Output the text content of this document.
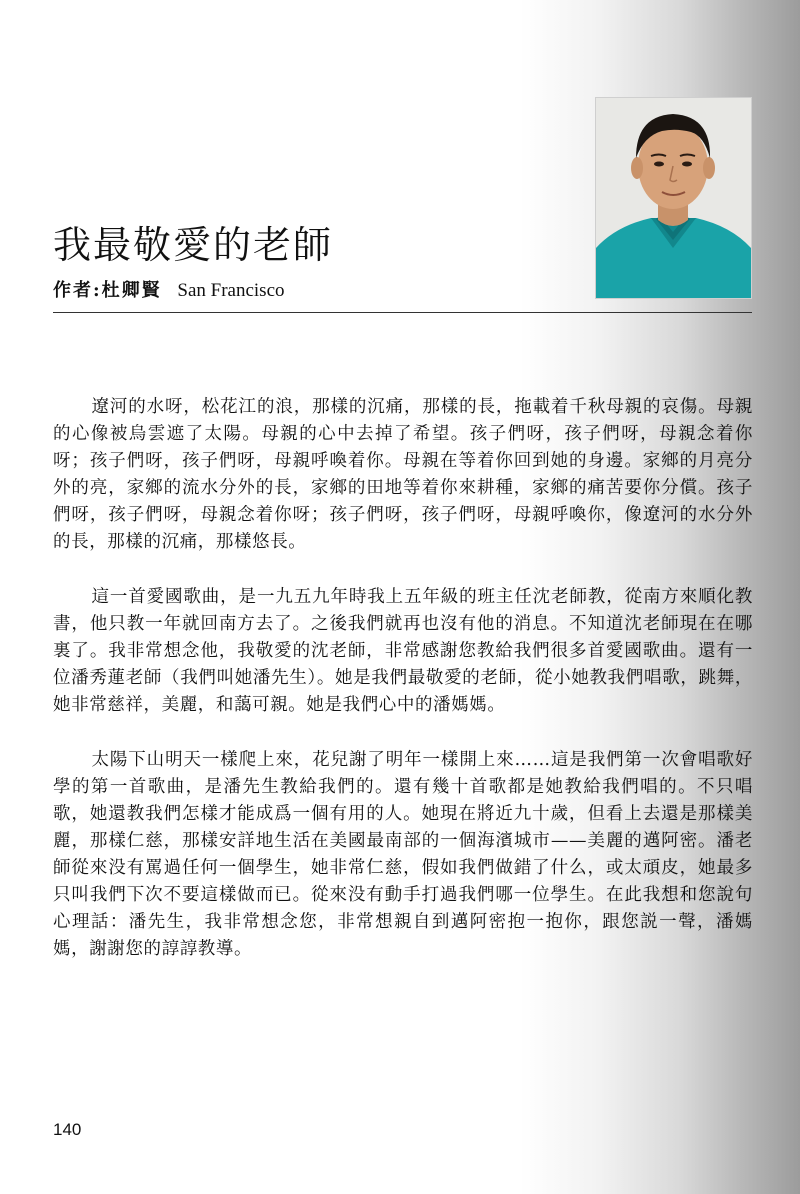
我最敬愛的老師
作者:杜卿賢 San Francisco

遼河的水呀，松花江的浪，那樣的沉痛，那樣的長，拖載着千秋母親的哀傷。母親的心像被烏雲遮了太陽。母親的心中去掉了希望。孩子們呀，孩子們呀，母親念着你呀；孩子們呀，孩子們呀，母親呼喚着你。母親在等着你回到她的身邊。家鄉的月亮分外的亮，家鄉的流水分外的長，家鄉的田地等着你來耕種，家鄉的痛苦要你分償。孩子們呀，孩子們呀，母親念着你呀；孩子們呀，孩子們呀，母親呼喚你，像遼河的水分外的長，那樣的沉痛，那樣悠長。

這一首愛國歌曲，是一九五九年時我上五年級的班主任沈老師教，從南方來順化教書，他只教一年就回南方去了。之後我們就再也沒有他的消息。不知道沈老師現在在哪裏了。我非常想念他，我敬愛的沈老師，非常感謝您教給我們很多首愛國歌曲。還有一位潘秀蓮老師（我們叫她潘先生）。她是我們最敬愛的老師，從小她教我們唱歌，跳舞，她非常慈祥，美麗，和藹可親。她是我們心中的潘媽媽。

太陽下山明天一樣爬上來，花兒謝了明年一樣開上來……這是我們第一次會唱歌好學的第一首歌曲，是潘先生教給我們的。還有幾十首歌都是她教給我們唱的。不只唱歌，她還教我們怎樣才能成爲一個有用的人。她現在將近九十歲，但看上去還是那樣美麗，那樣仁慈，那樣安詳地生活在美國最南部的一個海濱城市——美麗的邁阿密。潘老師從來没有罵過任何一個學生，她非常仁慈，假如我們做錯了什么，或太頑皮，她最多只叫我們下次不要這樣做而已。從來没有動手打過我們哪一位學生。在此我想和您說句心理話：潘先生，我非常想念您，非常想親自到邁阿密抱一抱你，跟您説一聲，潘媽媽，謝謝您的諄諄教導。

140
